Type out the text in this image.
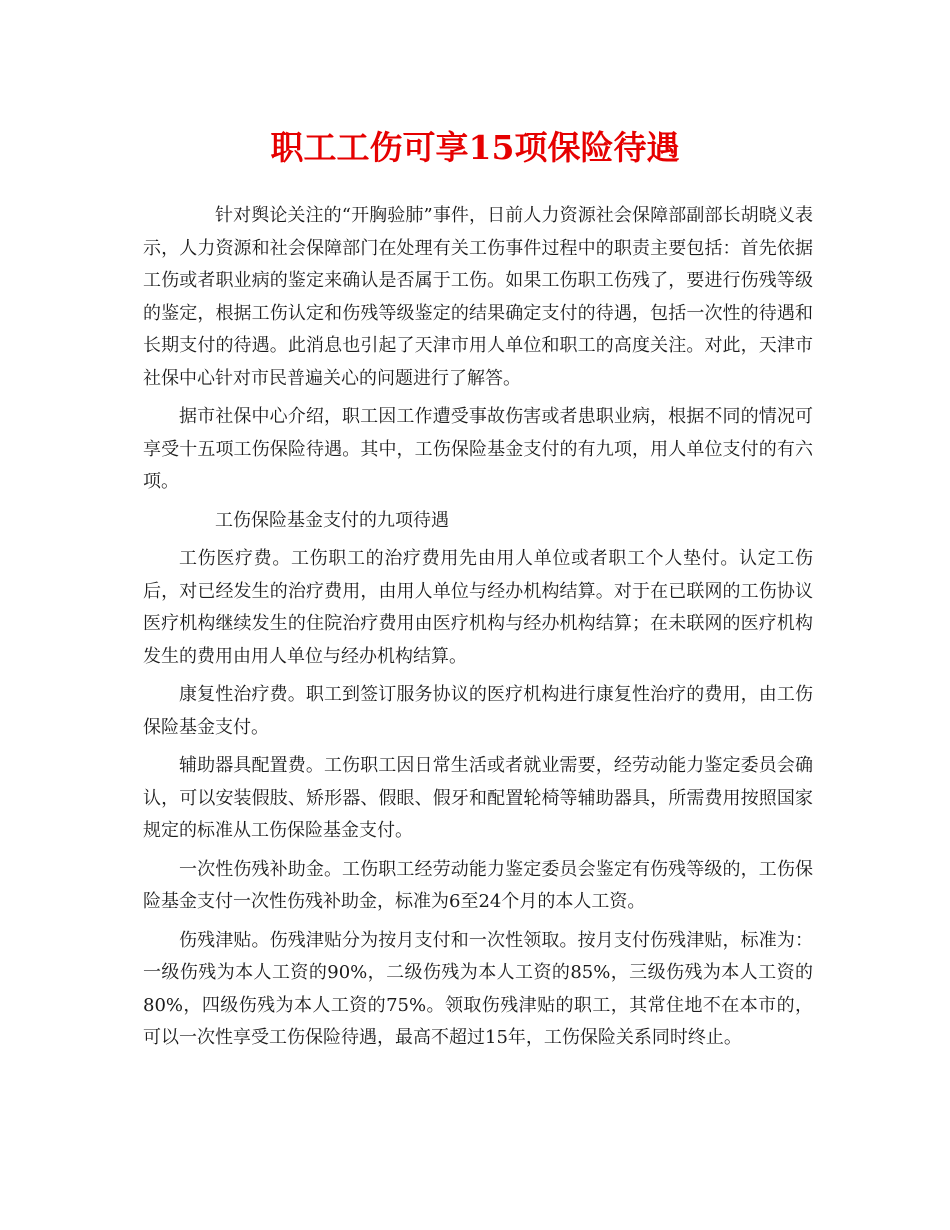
职工工伤可享15项保险待遇

针对舆论关注的“开胸验肺”事件，日前人力资源社会保障部副部长胡晓义表示，人力资源和社会保障部门在处理有关工伤事件过程中的职责主要包括：首先依据工伤或者职业病的鉴定来确认是否属于工伤。如果工伤职工伤残了，要进行伤残等级的鉴定，根据工伤认定和伤残等级鉴定的结果确定支付的待遇，包括一次性的待遇和长期支付的待遇。此消息也引起了天津市用人单位和职工的高度关注。对此，天津市社保中心针对市民普遍关心的问题进行了解答。

据市社保中心介绍，职工因工作遭受事故伤害或者患职业病，根据不同的情况可享受十五项工伤保险待遇。其中，工伤保险基金支付的有九项，用人单位支付的有六项。

工伤保险基金支付的九项待遇

工伤医疗费。工伤职工的治疗费用先由用人单位或者职工个人垫付。认定工伤后，对已经发生的治疗费用，由用人单位与经办机构结算。对于在已联网的工伤协议医疗机构继续发生的住院治疗费用由医疗机构与经办机构结算；在未联网的医疗机构发生的费用由用人单位与经办机构结算。

康复性治疗费。职工到签订服务协议的医疗机构进行康复性治疗的费用，由工伤保险基金支付。

辅助器具配置费。工伤职工因日常生活或者就业需要，经劳动能力鉴定委员会确认，可以安装假肢、矫形器、假眼、假牙和配置轮椅等辅助器具，所需费用按照国家规定的标准从工伤保险基金支付。

一次性伤残补助金。工伤职工经劳动能力鉴定委员会鉴定有伤残等级的，工伤保险基金支付一次性伤残补助金，标准为6至24个月的本人工资。

伤残津贴。伤残津贴分为按月支付和一次性领取。按月支付伤残津贴，标准为：一级伤残为本人工资的90%，二级伤残为本人工资的85%，三级伤残为本人工资的80%，四级伤残为本人工资的75%。领取伤残津贴的职工，其常住地不在本市的，可以一次性享受工伤保险待遇，最高不超过15年，工伤保险关系同时终止。
